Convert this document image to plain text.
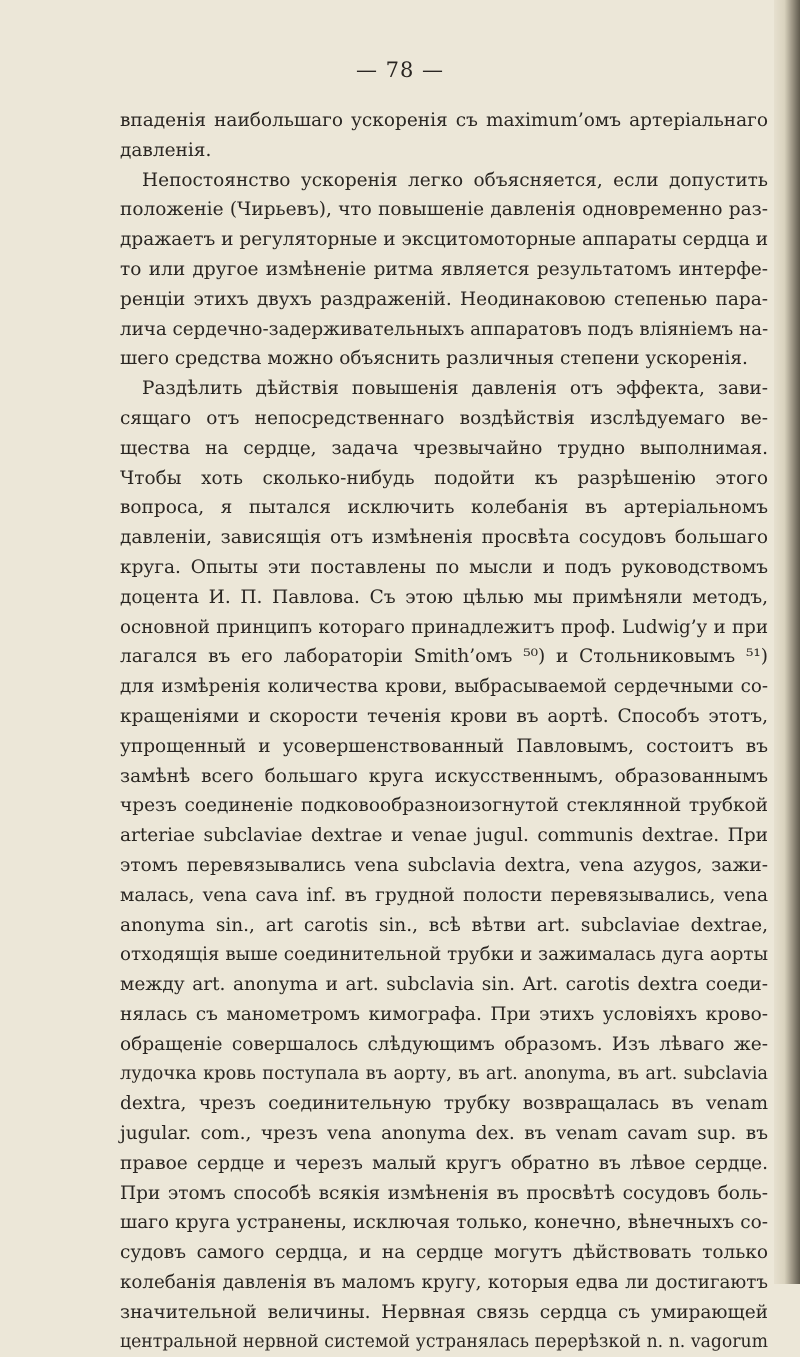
— 78 —
впаденія наибольшаго ускоренія съ maximum’омъ артеріальнаго
давленія.
Непостоянство ускоренія легко объясняется, если допустить
положеніе (Чирьевъ), что повышеніе давленія одновременно раз-
дражаетъ и регуляторные и эксцитомоторные аппараты сердца и
то или другое измѣненіе ритма является результатомъ интерфе-
ренціи этихъ двухъ раздраженій. Неодинаковою степенью пара-
лича сердечно-задерживательныхъ аппаратовъ подъ вліяніемъ на-
шего средства можно объяснить различныя степени ускоренія.
Раздѣлить дѣйствія повышенія давленія отъ эффекта, зави-
сящаго отъ непосредственнаго воздѣйствія изслѣдуемаго ве-
щества на сердце, задача чрезвычайно трудно выполнимая.
Чтобы хоть сколько-нибудь подойти къ разрѣшенію этого
вопроса, я пытался исключить колебанія въ артеріальномъ
давленіи, зависящія отъ измѣненія просвѣта сосудовъ большаго
круга. Опыты эти поставлены по мысли и подъ руководствомъ
доцента И. П. Павлова. Съ этою цѣлью мы примѣняли методъ,
основной принципъ котораго принадлежитъ проф. Ludwig’у и при
лагался въ его лабораторіи Smith’омъ ⁵⁰) и Стольниковымъ ⁵¹)
для измѣренія количества крови, выбрасываемой сердечными со-
кращеніями и скорости теченія крови въ аортѣ. Способъ этотъ,
упрощенный и усовершенствованный Павловымъ, состоитъ въ
замѣнѣ всего большаго круга искусственнымъ, образованнымъ
чрезъ соединеніе подковообразноизогнутой стеклянной трубкой
arteriae subclaviae dextrae и venae jugul. communis dextrae. При
этомъ перевязывались vena subclavia dextra, vena azygos, зажи-
малась, vena cava inf. въ грудной полости перевязывались, vena
anonyma sin., art carotis sin., всѣ вѣтви art. subclaviae dextrae,
отходящія выше соединительной трубки и зажималась дуга аорты
между art. anonyma и art. subclavia sin. Art. carotis dextra соеди-
нялась съ манометромъ кимографа. При этихъ условіяхъ крово-
обращеніе совершалось слѣдующимъ образомъ. Изъ лѣваго же-
лудочка кровь поступала въ аорту, въ art. anonyma, въ art. subclavia
dextra, чрезъ соединительную трубку возвращалась въ venam
jugular. com., чрезъ vena anonyma dex. въ venam cavam sup. въ
правое сердце и черезъ малый кругъ обратно въ лѣвое сердце.
При этомъ способѣ всякія измѣненія въ просвѣтѣ сосудовъ боль-
шаго круга устранены, исключая только, конечно, вѣнечныхъ со-
судовъ самого сердца, и на сердце могутъ дѣйствовать только
колебанія давленія въ маломъ кругу, которыя едва ли достигаютъ
значительной величины. Нервная связь сердца съ умирающей
центральной нервной системой устранялась перерѣзкой n. n. vagorum
